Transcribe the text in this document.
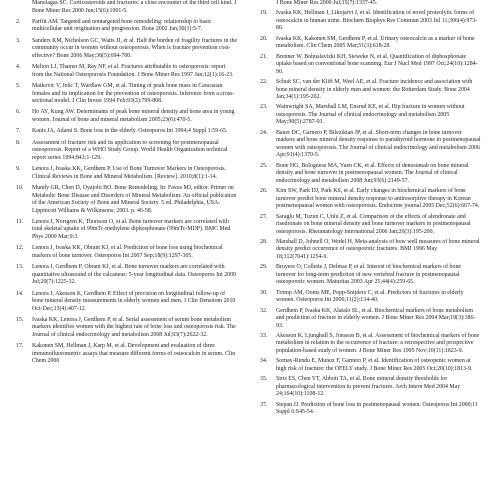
Manolagas SC. Corticosteroids and fractures: a close encounter of the third cell kind. J Bone Miner Res 2000 Jun;15(6):1001-5.
2.	Parfitt AM. Targeted and nontargeted bone remodeling: relationship to basic multicellular unit origination and progression. Bone 2002 Jan;30(1):5-7.
3.	Sanders KM, Nicholson GC, Watts JJ, et al. Half the burden of fragility fractures in the community occur in women without osteoporosis. When is fracture prevention cost-effective? Bone 2006 May;38(5):694-700.
4.	Melton LJ, Thamer M, Ray NF, et al. Fractures attributable to osteoporosis: report from the National Osteoporosis Foundation. J Bone Miner Res 1997 Jan;12(1):16-23.
5.	Matkovic V, Jelic T, Wardlaw GM, et al. Timing of peak bone mass in Caucasian females and its implication for the prevention of osteoporosis. Inference from a cross-sectional model. J Clin Invest 1994 Feb;93(2):799-808.
6.	Ho AY, Kung AW. Determinants of peak bone mineral density and bone area in young women. Journal of bone and mineral metabolism 2005;23(6):470-5.
7.	Kanis JA, Adami S. Bone loss in the elderly. Osteoporos Int 1994;4 Suppl 1:59-65.
8.	Assessment of fracture risk and its application to screening for postmenopausal osteoporosis. Report of a WHO Study Group. World Health Organization technical report series 1994;843:1-129.
9.	Lenora J, Ivaska KK, Gerdhem P. Use of Bone Turnover Markers in Osteoporosis. Clinical Reviews in Bone and Mineral Metabolism. [Review]. 2010;8(1):1-14.
10.	Mundy GR, Chen D, Oyajobi BO. Bone Remodeling. In: Favus MJ, editor. Primer on Metabolic Bone Disease and Disorders of Mineral Metabolism: An official publication of the American Society of Bone and Mineral Society. 5 ed. Philadelphia, USA: Lippincott Williams & Wilkinsons; 2003. p. 46-58.
11.	Lenora J, Norrgren K, Thorsson O, et al. Bone turnover markers are correlated with total skeletal uptake of 99mTc-methylene diphosphonate (99mTc-MDP). BMC Med Phys 2009 Mar;9:3.
12.	Lenora J, Ivaska KK, Obrant KJ, et al. Prediction of bone loss using biochemical markers of bone turnover. Osteoporos Int 2007 Sep;18(9):1297-305.
13.	Lenora J, Gerdhem P, Obrant KJ, et al. Bone turnover markers are correlated with quantitative ultrasound of the calcaneus: 5-year longitudinal data. Osteoporos Int 2009 Jul;20(7):1225-32.
14.	Lenora J, Akesson K, Gerdhem P. Effect of precision on longitudinal follow-up of bone mineral density measurements in elderly women and men. J Clin Densitom 2010 Oct-Dec;13(4):407-12.
15.	Ivaska KK, Lenora J, Gerdhem P, et al. Serial assessment of serum bone metabolism markers identifies women with the highest rate of bone loss and osteoporosis risk. The Journal of clinical endocrinology and metabolism 2008 Jul;93(7):2622-32.
17.	Kakonen SM, Hellman J, Karp M, et al. Development and evaluation of three immunofluorometric assays that measure different forms of osteocalcin in serum. Clin Chem 2000
J Bone Miner Res 2000 Jul;15(7):1337-45.
19.	Ivaska KK, Hellman J, Likojarvi J, et al. Identification of novel proteolytic forms of osteocalcin in human urine. Biochem Biophys Res Commun 2003 Jul 11;306(4):973-80.
20.	Ivaska KK, Kakonen SM, Gerdhem P, et al. Urinary osteocalcin as a marker of bone metabolism. Clin Chem 2005 Mar;51(3):618-28.
21.	Brenner W, Bohuslavizki KH, Sieweke N, et al. Quantification of diphosphonate uptake based on conventional bone scanning. Eur J Nucl Med 1997 Oct;24(10):1284-90.
22.	Schuit SC, van der Klift M, Weel AE, et al. Fracture incidence and association with bone mineral density in elderly men and women: the Rotterdam Study. Bone 2004 Jan;34(1):195-202.
23.	Wainwright SA, Marshall LM, Ensrud KE, et al. Hip fracture in women without osteoporosis. The Journal of clinical endocrinology and metabolism 2005 May;90(5):2787-93.
24.	Bauer DC, Garnero P, Bilezikian JP, et al. Short-term changes in bone turnover markers and bone mineral density response to parathyroid hormone in postmenopausal women with osteoporosis. The Journal of clinical endocrinology and metabolism 2006 Apr;91(4):1370-5.
25.	Bone HG, Bolognese MA, Yuen CK, et al. Effects of denosumab on bone mineral density and bone turnover in postmenopausal women. The Journal of clinical endocrinology and metabolism 2008 Jun;93(6):2149-57.
26.	Kim SW, Park DJ, Park KS, et al. Early changes in biochemical markers of bone turnover predict bone mineral density response to antiresorptive therapy in Korean postmenopausal women with osteoporosis. Endocrine journal 2005 Dec;52(6):667-74.
27.	Saraglu M, Tuzun C, Unlu Z, et al. Comparison of the effects of alendronate and risedronate on bone mineral density and bone turnover markers in postmenopausal osteoporosis. Rheumatology international 2006 Jan;26(3):195-200.
28.	Marshall D, Johnell O, Wedel H. Meta-analysis of how well measures of bone mineral density predict occurrence of osteoporotic fractures. BMJ 1996 May 18;312(7041):1254-9.
29.	Bruyere O, Collette J, Delmas P, et al. Interest of biochemical markers of bone turnover for long-term prediction of new vertebral fracture in postmenopausal osteoporotic women. Maturitas 2003 Apr 25;44(4):259-65.
30.	Tromp AM, Ooms ME, Popp-Snijders C, et al. Predictors of fractures in elderly women. Osteoporos Int 2000;11(2):134-40.
32.	Gerdhem P, Ivaska KK, Alatalo SL, et al. Biochemical markers of bone metabolism and prediction of fracture in elderly women. J Bone Miner Res 2004 Mar;19(3):386-93.
33.	Akesson K, Ljunghall S, Jonsson B, et al. Assessment of biochemical markers of bone metabolism in relation to the occurrence of fracture: a retrospective and prospective population-based study of women. J Bone Miner Res 1995 Nov;10(11):1823-9.
34.	Sornay-Rendu E, Munoz F, Garnero P, et al. Identification of osteopenic women at high risk of fracture: the OFELY study. J Bone Miner Res 2005 Oct;20(10):1813-9.
35.	Siris ES, Chen YT, Abbott TA, et al. Bone mineral density thresholds for pharmacological intervention to prevent fractures. Arch Intern Med 2004 May 24;164(10):1108-12.
37.	Stepan JJ. Prediction of bone loss in postmenopausal women. Osteoporos Int 2000;11 Suppl 6:S45-54.
